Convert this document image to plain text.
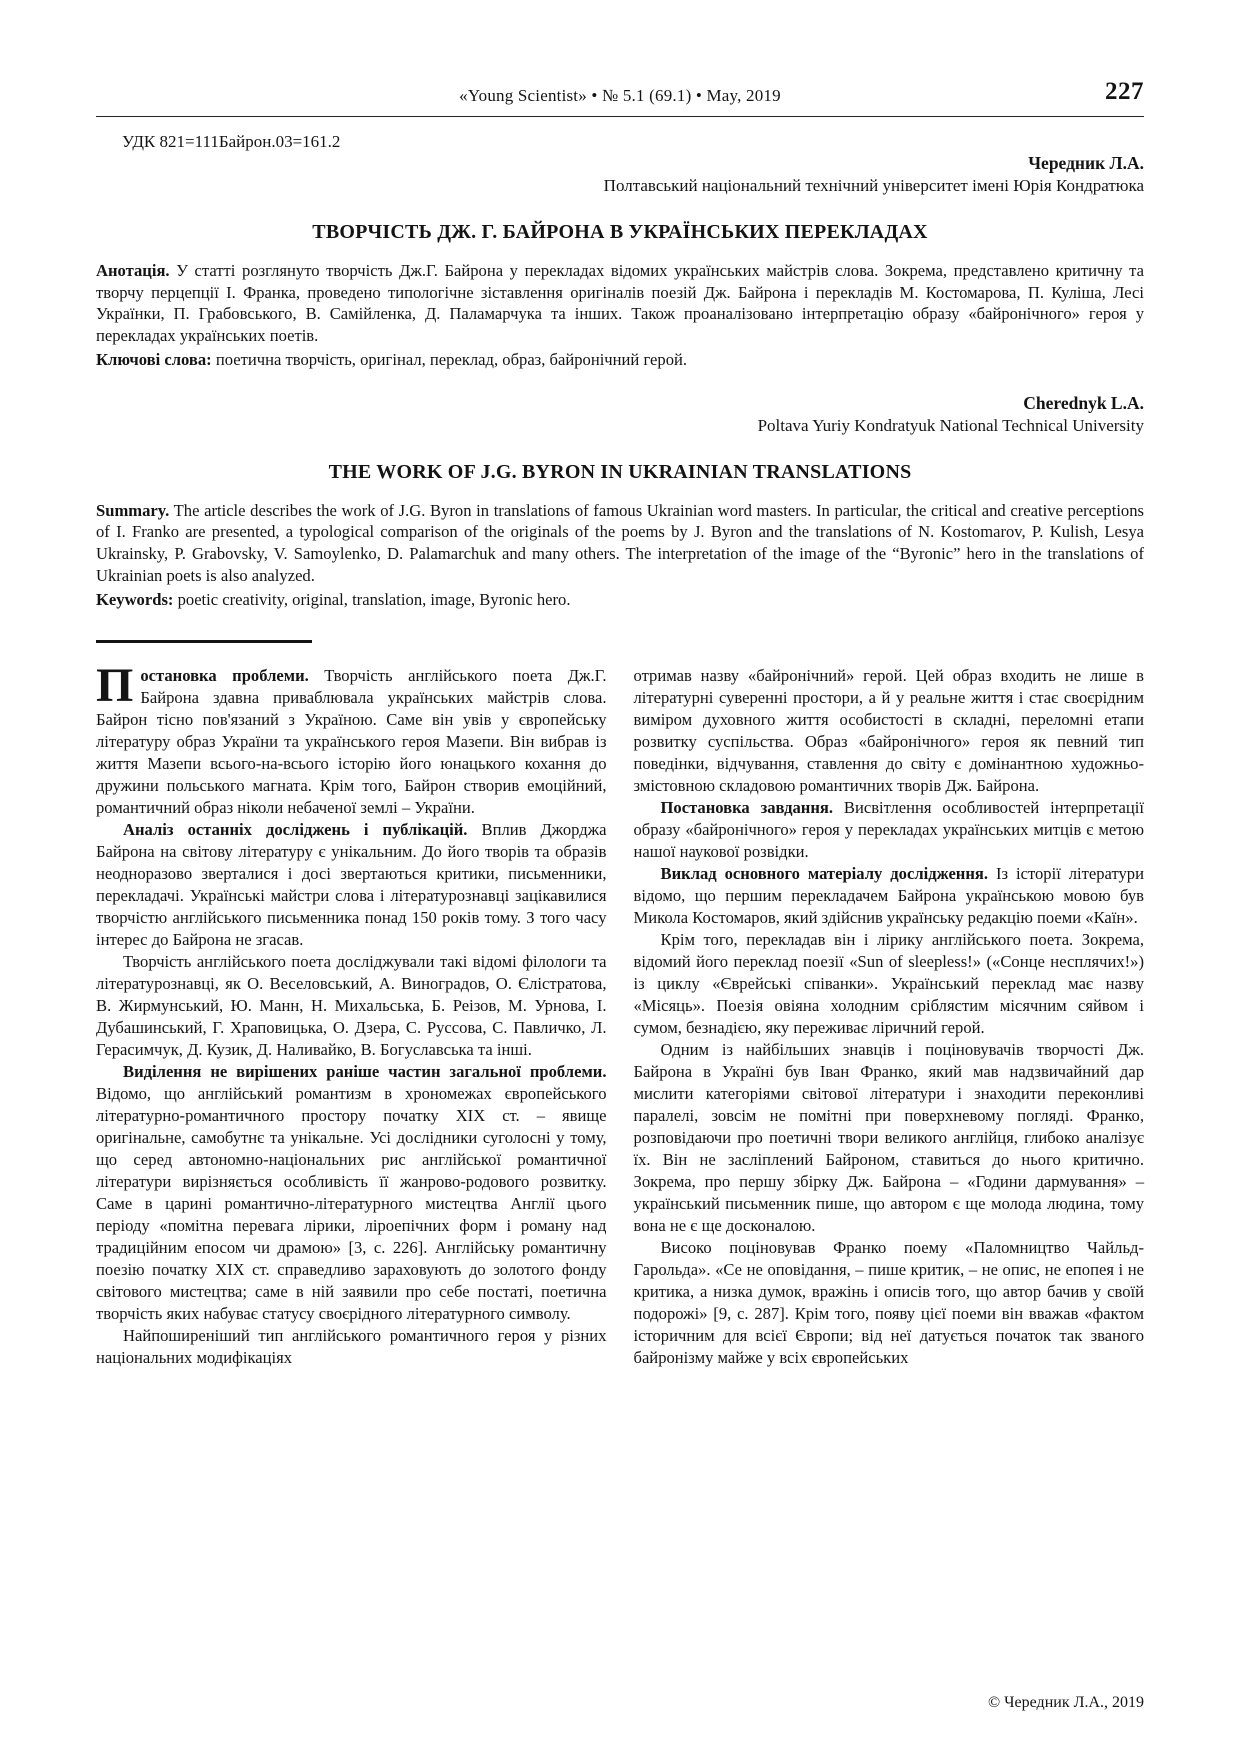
«Young Scientist» • № 5.1 (69.1) • May, 2019	227
УДК 821=111Байрон.03=161.2
Чередник Л.А.
Полтавський національний технічний університет імені Юрія Кондратюка
ТВОРЧІСТЬ ДЖ. Г. БАЙРОНА В УКРАЇНСЬКИХ ПЕРЕКЛАДАХ

Анотація. У статті розглянуто творчість Дж.Г. Байрона у перекладах відомих українських майстрів слова. Зокрема, представлено критичну та творчу перцепції І. Франка, проведено типологічне зіставлення оригіналів поезій Дж. Байрона і перекладів М. Костомарова, П. Куліша, Лесі Українки, П. Грабовського, В. Самійленка, Д. Паламарчука та інших. Також проаналізовано інтерпретацію образу «байронічного» героя у перекладах українських поетів.

Ключові слова: поетична творчість, оригінал, переклад, образ, байронічний герой.

Cherednyk L.A.
Poltava Yuriy Kondratyuk National Technical University
THE WORK OF J.G. BYRON IN UKRAINIAN TRANSLATIONS

Summary. The article describes the work of J.G. Byron in translations of famous Ukrainian word masters. In particular, the critical and creative perceptions of I. Franko are presented, a typological comparison of the originals of the poems by J. Byron and the translations of N. Kostomarov, P. Kulish, Lesya Ukrainsky, P. Grabovsky, V. Samoylenko, D. Palamarchuk and many others. The interpretation of the image of the “Byronic” hero in the translations of Ukrainian poets is also analyzed.

Keywords: poetic creativity, original, translation, image, Byronic hero.

Постановка проблеми. Творчість англійського поета Дж.Г. Байрона здавна приваблювала українських майстрів слова. Байрон тісно пов'язаний з Україною. Саме він увів у європейську літературу образ України та українського героя Мазепи. Він вибрав із життя Мазепи всього-на-всього історію його юнацького кохання до дружини польського магната. Крім того, Байрон створив емоційний, романтичний образ ніколи небаченої землі – України.

Аналіз останніх досліджень і публікацій. Вплив Джорджа Байрона на світову літературу є унікальним. До його творів та образів неодноразово зверталися і досі звертаються критики, письменники, перекладачі. Українські майстри слова і літературознавці зацікавилися творчістю англійського письменника понад 150 років тому. З того часу інтерес до Байрона не згасав.

Творчість англійського поета досліджували такі відомі філологи та літературознавці, як О. Веселовський, А. Виноградов, О. Єлістратова, В. Жирмунський, Ю. Манн, Н. Михальська, Б. Реізов, М. Урнова, І. Дубашинський, Г. Храповицька, О. Дзера, С. Руссова, С. Павличко, Л. Герасимчук, Д. Кузик, Д. Наливайко, В. Богуславська та інші.

Виділення не вирішених раніше частин загальної проблеми. Відомо, що англійський романтизм в хрономежах європейського літературно-романтичного простору початку XIX ст. – явище оригінальне, самобутнє та унікальне. Усі дослідники суголосні у тому, що серед автономно-національних рис англійської романтичної літератури вирізняється особливість її жанрово-родового розвитку. Саме в царині романтично-літературного мистецтва Англії цього періоду «помітна перевага лірики, ліроепічних форм і роману над традиційним епосом чи драмою» [3, с. 226]. Англійську романтичну поезію початку XIX ст. справедливо зараховують до золотого фонду світового мистецтва; саме в ній заявили про себе постаті, поетична творчість яких набуває статусу своєрідного літературного символу.

Найпоширеніший тип англійського романтичного героя у різних національних модифікаціях

отримав назву «байронічний» герой. Цей образ входить не лише в літературні суверенні простори, а й у реальне життя і стає своєрідним виміром духовного життя особистості в складні, переломні етапи розвитку суспільства. Образ «байронічного» героя як певний тип поведінки, відчування, ставлення до світу є домінантною художньо-змістовною складовою романтичних творів Дж. Байрона.

Постановка завдання. Висвітлення особливостей інтерпретації образу «байронічного» героя у перекладах українських митців є метою нашої наукової розвідки.

Виклад основного матеріалу дослідження. Із історії літератури відомо, що першим перекладачем Байрона українською мовою був Микола Костомаров, який здійснив українську редакцію поеми «Каїн».

Крім того, перекладав він і лірику англійського поета. Зокрема, відомий його переклад поезії «Sun of sleepless!» («Сонце несплячих!») із циклу «Єврейські співанки». Український переклад має назву «Місяць». Поезія овіяна холодним сріблястим місячним сяйвом і сумом, безнадією, яку переживає ліричний герой.

Одним із найбільших знавців і поціновувачів творчості Дж. Байрона в Україні був Іван Франко, який мав надзвичайний дар мислити категоріями світової літератури і знаходити переконливі паралелі, зовсім не помітні при поверхневому погляді. Франко, розповідаючи про поетичні твори великого англійця, глибоко аналізує їх. Він не засліплений Байроном, ставиться до нього критично. Зокрема, про першу збірку Дж. Байрона – «Години дармування» – український письменник пише, що автором є ще молода людина, тому вона не є ще досконалою.

Високо поціновував Франко поему «Паломництво Чайльд-Гарольда». «Се не оповідання, – пише критик, – не опис, не епопея і не критика, а низка думок, вражінь і описів того, що автор бачив у своїй подорожі» [9, с. 287]. Крім того, появу цієї поеми він вважав «фактом історичним для всієї Європи; від неї датується початок так званого байронізму майже у всіх європейських

© Чередник Л.А., 2019
